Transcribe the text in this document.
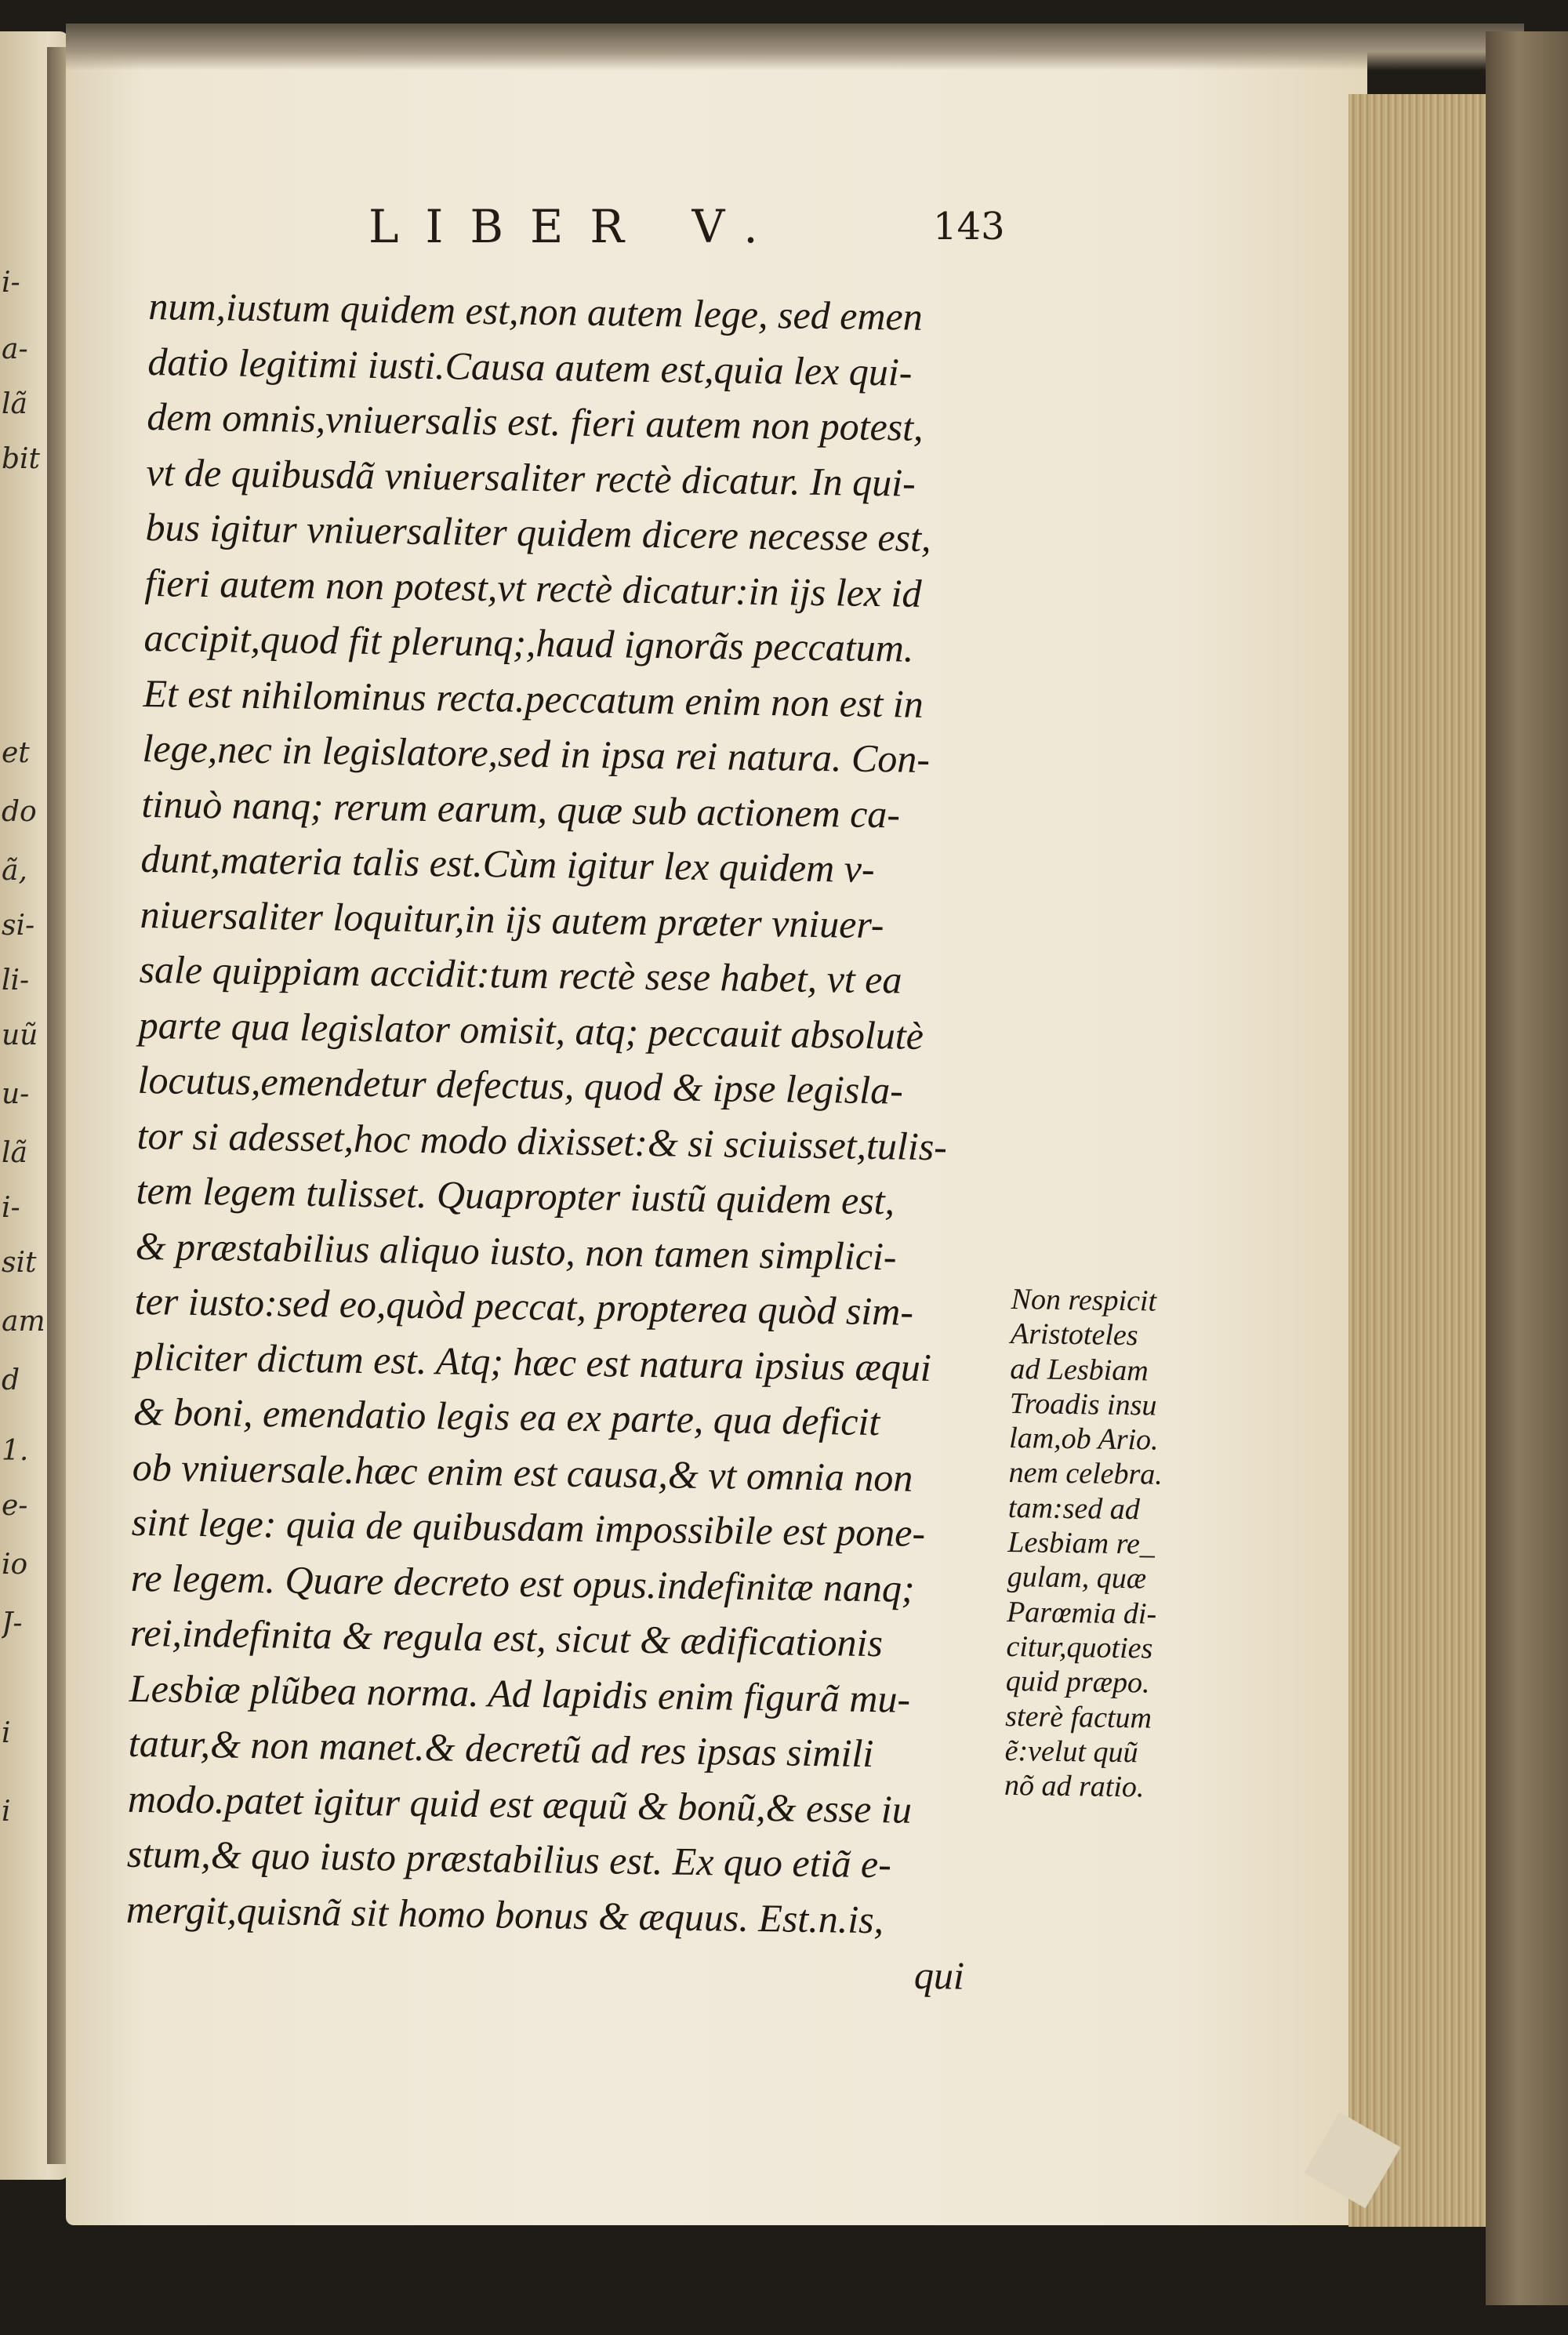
i-
a-
lã
bit
et
do
ã,
si-
li-
uũ
u-
lã
i-
sit
am
d
1.
e-
io
J-
i
i
LIBER V.	143
num,iustum quidem est,non autem lege, sed emen
datio legitimi iusti.Causa autem est,quia lex qui-
dem omnis,vniuersalis est. fieri autem non potest,
vt de quibusdã vniuersaliter rectè dicatur. In qui-
bus igitur vniuersaliter quidem dicere necesse est,
fieri autem non potest,vt rectè dicatur:in ijs lex id
accipit,quod fit plerunq;,haud ignorãs peccatum.
Et est nihilominus recta.peccatum enim non est in
lege,nec in legislatore,sed in ipsa rei natura. Con-
tinuò nanq; rerum earum, quæ sub actionem ca-
dunt,materia talis est.Cùm igitur lex quidem v-
niuersaliter loquitur,in ijs autem præter vniuer-
sale quippiam accidit:tum rectè sese habet, vt ea
parte qua legislator omisit, atq; peccauit absolutè
locutus,emendetur defectus, quod & ipse legisla-
tor si adesset,hoc modo dixisset:& si sciuisset,tulis-
tem legem tulisset. Quapropter iustũ quidem est,
& præstabilius aliquo iusto, non tamen simplici-
ter iusto:sed eo,quòd peccat, propterea quòd sim-
pliciter dictum est. Atq; hæc est natura ipsius æqui
& boni, emendatio legis ea ex parte, qua deficit
ob vniuersale.hæc enim est causa,& vt omnia non
sint lege: quia de quibusdam impossibile est pone-
re legem. Quare decreto est opus.indefinitæ nanq;
rei,indefinita & regula est, sicut & ædificationis
Lesbiæ plũbea norma. Ad lapidis enim figurã mu-
tatur,& non manet.& decretũ ad res ipsas simili
modo.patet igitur quid est æquũ & bonũ,& esse iu
stum,& quo iusto præstabilius est. Ex quo etiã e-
mergit,quisnã sit homo bonus & æquus. Est.n.is,
qui
Non respicit
Aristoteles
ad Lesbiam
Troadis insu
lam,ob Ario.
nem celebra.
tam:sed ad
Lesbiam re_
gulam, quæ
Parœmia di-
citur,quoties
quid præpo.
sterè factum
ẽ:velut quũ
nõ ad ratio.
